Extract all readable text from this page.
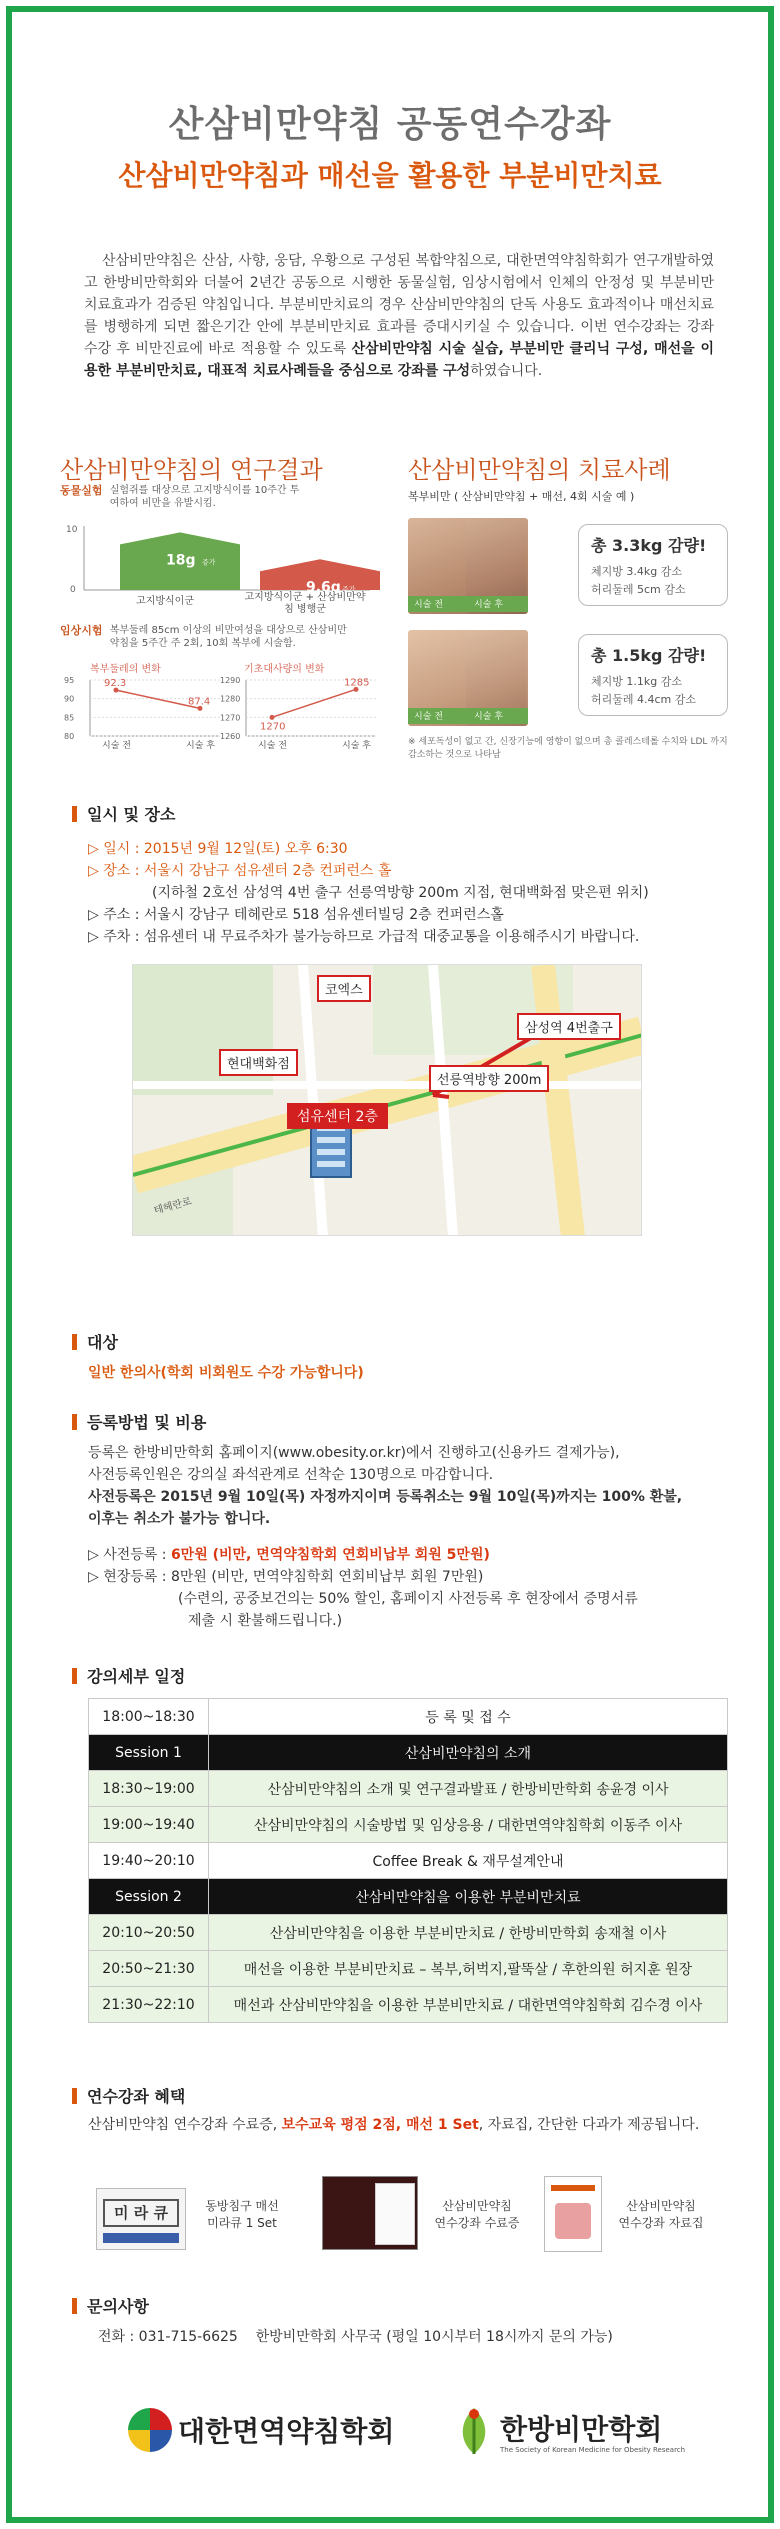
산삼비만약침 공동연수강좌
산삼비만약침과 매선을 활용한 부분비만치료
산삼비만약침은 산삼, 사향, 웅담, 우황으로 구성된 복합약침으로, 대한면역약침학회가 연구개발하였고 한방비만학회와 더불어 2년간 공동으로 시행한 동물실험, 임상시험에서 인체의 안정성 및 부분비만치료효과가 검증된 약침입니다. 부분비만치료의 경우 산삼비만약침의 단독 사용도 효과적이나 매선치료를 병행하게 되면 짧은기간 안에 부분비만치료 효과를 증대시키실 수 있습니다. 이번 연수강좌는 강좌 수강 후 비만진료에 바로 적용할 수 있도록 산삼비만약침 시술 실습, 부분비만 클리닉 구성, 매선을 이용한 부분비만치료, 대표적 치료사례들을 중심으로 강좌를 구성하였습니다.
산삼비만약침의 연구결과
동물실험 실험쥐를 대상으로 고지방식이를 10주간 투여하여 비만을 유발시킴.
10
0
18g 증가
9.6g 증가
고지방식이군	고지방식이군 + 산삼비만약침 병행군
임상시험 복부둘레 85cm 이상의 비만여성을 대상으로 산삼비만약침을 5주간 주 2회, 10회 복부에 시술함.
복부둘레의 변화	기초대사량의 변화
95
90
85
80
92.3
시술 전
87.4
시술 후
1290
1280
1270
1260
1270
시술 전
1285
시술 후
산삼비만약침의 치료사례
복부비만 ( 산삼비만약침 + 매선, 4회 시술 예 )
시술 전	시술 후
총 3.3kg 감량!
체지방 3.4kg 감소
허리둘레 5cm 감소
시술 전	시술 후
총 1.5kg 감량!
체지방 1.1kg 감소
허리둘레 4.4cm 감소
※ 세포독성이 없고 간, 신장기능에 영향이 없으며 총 콜레스테롤 수치와 LDL 까지 감소하는 것으로 나타남
일시 및 장소
▷ 일시 : 2015년 9월 12일(토) 오후 6:30
▷ 장소 : 서울시 강남구 섬유센터 2층 컨퍼런스 홀
(지하철 2호선 삼성역 4번 출구 선릉역방향 200m 지점, 현대백화점 맞은편 위치)
▷ 주소 : 서울시 강남구 테헤란로 518 섬유센터빌딩 2층 컨퍼런스홀
▷ 주차 : 섬유센터 내 무료주차가 불가능하므로 가급적 대중교통을 이용해주시기 바랍니다.
코엑스
현대백화점
삼성역 4번출구
선릉역방향 200m
섬유센터 2층
테헤란로
대상
일반 한의사(학회 비회원도 수강 가능합니다)
등록방법 및 비용
등록은 한방비만학회 홈페이지(www.obesity.or.kr)에서 진행하고(신용카드 결제가능),
사전등록인원은 강의실 좌석관계로 선착순 130명으로 마감합니다.
사전등록은 2015년 9월 10일(목) 자정까지이며 등록취소는 9월 10일(목)까지는 100% 환불,
이후는 취소가 불가능 합니다.
▷ 사전등록 : 6만원 (비만, 면역약침학회 연회비납부 회원 5만원)
▷ 현장등록 : 8만원 (비만, 면역약침학회 연회비납부 회원 7만원)
(수련의, 공중보건의는 50% 할인, 홈페이지 사전등록 후 현장에서 증명서류
제출 시 환불해드립니다.)
강의세부 일정
18:00~18:30	등 록 및 접 수
Session 1	산삼비만약침의 소개
18:30~19:00	산삼비만약침의 소개 및 연구결과발표 / 한방비만학회 송윤경 이사
19:00~19:40	산삼비만약침의 시술방법 및 임상응용 / 대한면역약침학회 이동주 이사
19:40~20:10	Coffee Break & 재무설계안내
Session 2	산삼비만약침을 이용한 부분비만치료
20:10~20:50	산삼비만약침을 이용한 부분비만치료 / 한방비만학회 송재철 이사
20:50~21:30	매선을 이용한 부분비만치료 – 복부,허벅지,팔뚝살 / 후한의원 허지훈 원장
21:30~22:10	매선과 산삼비만약침을 이용한 부분비만치료 / 대한면역약침학회 김수경 이사
연수강좌 혜택
산삼비만약침 연수강좌 수료증, 보수교육 평점 2점, 매선 1 Set, 자료집, 간단한 다과가 제공됩니다.
미 라 큐	동방침구 매선
미라큐 1 Set
산삼비만약침
연수강좌 수료증
산삼비만약침
연수강좌 자료집
문의사항
전화 : 031-715-6625    한방비만학회 사무국 (평일 10시부터 18시까지 문의 가능)
대한면역약침학회	한방비만학회
The Society of Korean Medicine for Obesity Research
